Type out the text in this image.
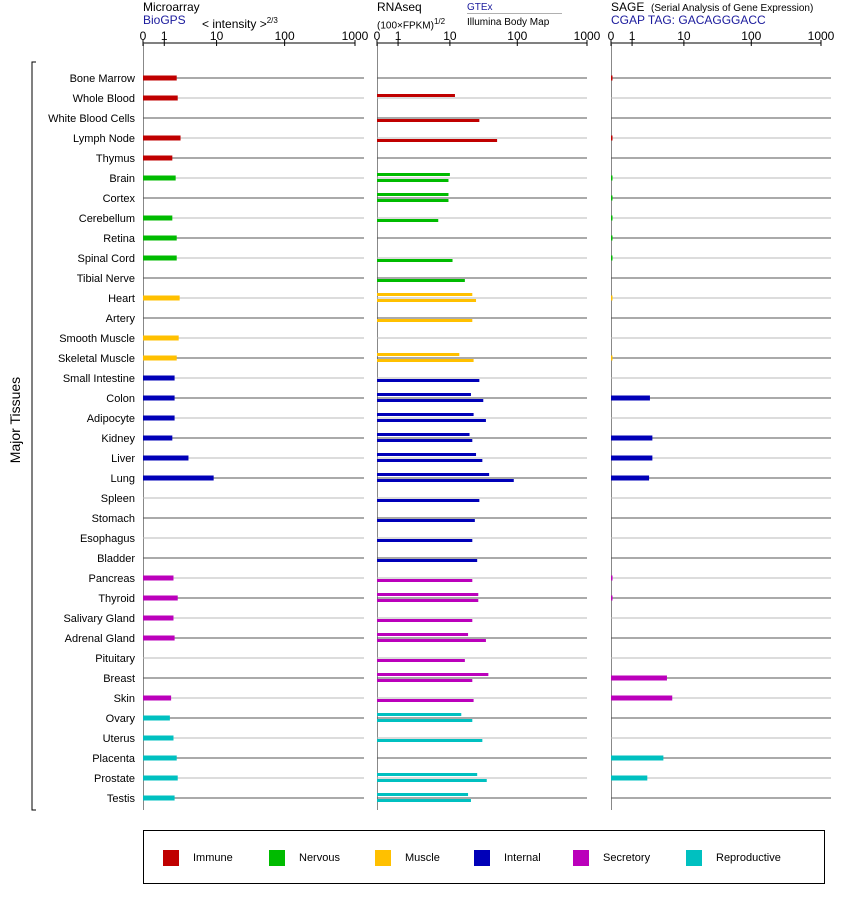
0 1	10	100	1000 0 1	10	100	1000 0 1	10	100	1000
Bone Marrow
Whole Blood
White Blood Cells
Lymph Node
Thymus
Brain
Cortex
Cerebellum
Retina
Spinal Cord
Tibial Nerve
Heart
Artery
Smooth Muscle
Skeletal Muscle
Small Intestine
Colon
Adipocyte
Kidney
Liver
Lung
Spleen
Stomach
Esophagus
Bladder
Pancreas
Thyroid
Salivary Gland
Adrenal Gland
Pituitary
Breast
Skin
Ovary
Uterus
Placenta
Prostate
Testis
Microarray
BioGPS < intensity >$^{2/3}$
RNAseq
(100×FPKM)$^{1/2}$
GTEx
Illumina Body Map
SAGE (Serial Analysis of Gene Expression)
CGAP TAG: GACAGGGACC
Major Tissues
Immune	Nervous	Muscle	Internal	Secretory	Reproductive
